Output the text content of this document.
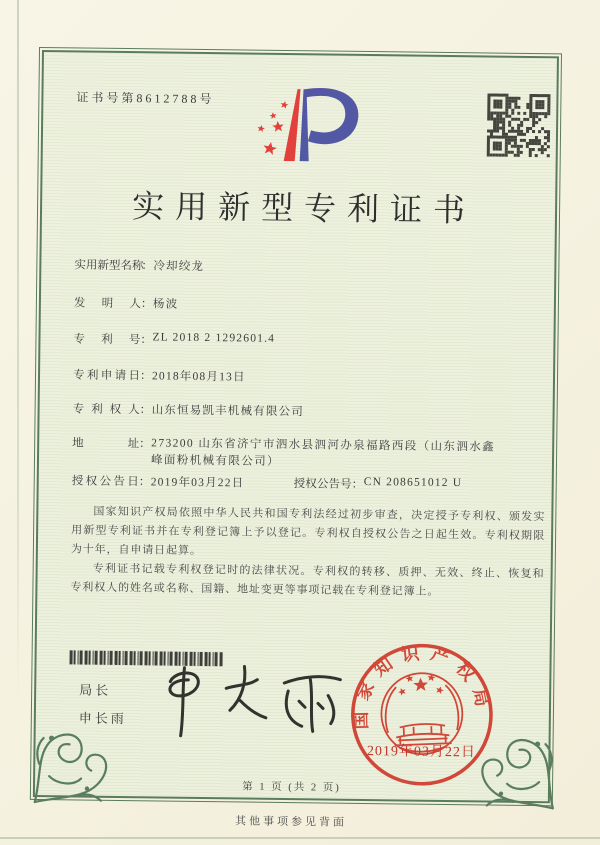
证书号第8612788号
实用新型专利证书
实用新型名称：冷却绞龙
发明人：杨波
专利号：ZL 2018 2 1292601.4
专利申请日：2018年08月13日
专利权人：山东恒易凯丰机械有限公司
地址：273200 山东省济宁市泗水县泗河办泉福路西段（山东泗水鑫峰面粉机械有限公司）
授权公告日：2019年03月22日	授权公告号：CN 208651012 U

国家知识产权局依照中华人民共和国专利法经过初步审查，决定授予专利权、颁发实用新型专利证书并在专利登记簿上予以登记。专利权自授权公告之日起生效。专利权期限为十年，自申请日起算。

专利证书记载专利权登记时的法律状况。专利权的转移、质押、无效、终止、恢复和专利权人的姓名或名称、国籍、地址变更等事项记载在专利登记簿上。

局长
申长雨	国家知识产权局
2019年03月22日
第 1 页 (共 2 页)
其他事项参见背面
